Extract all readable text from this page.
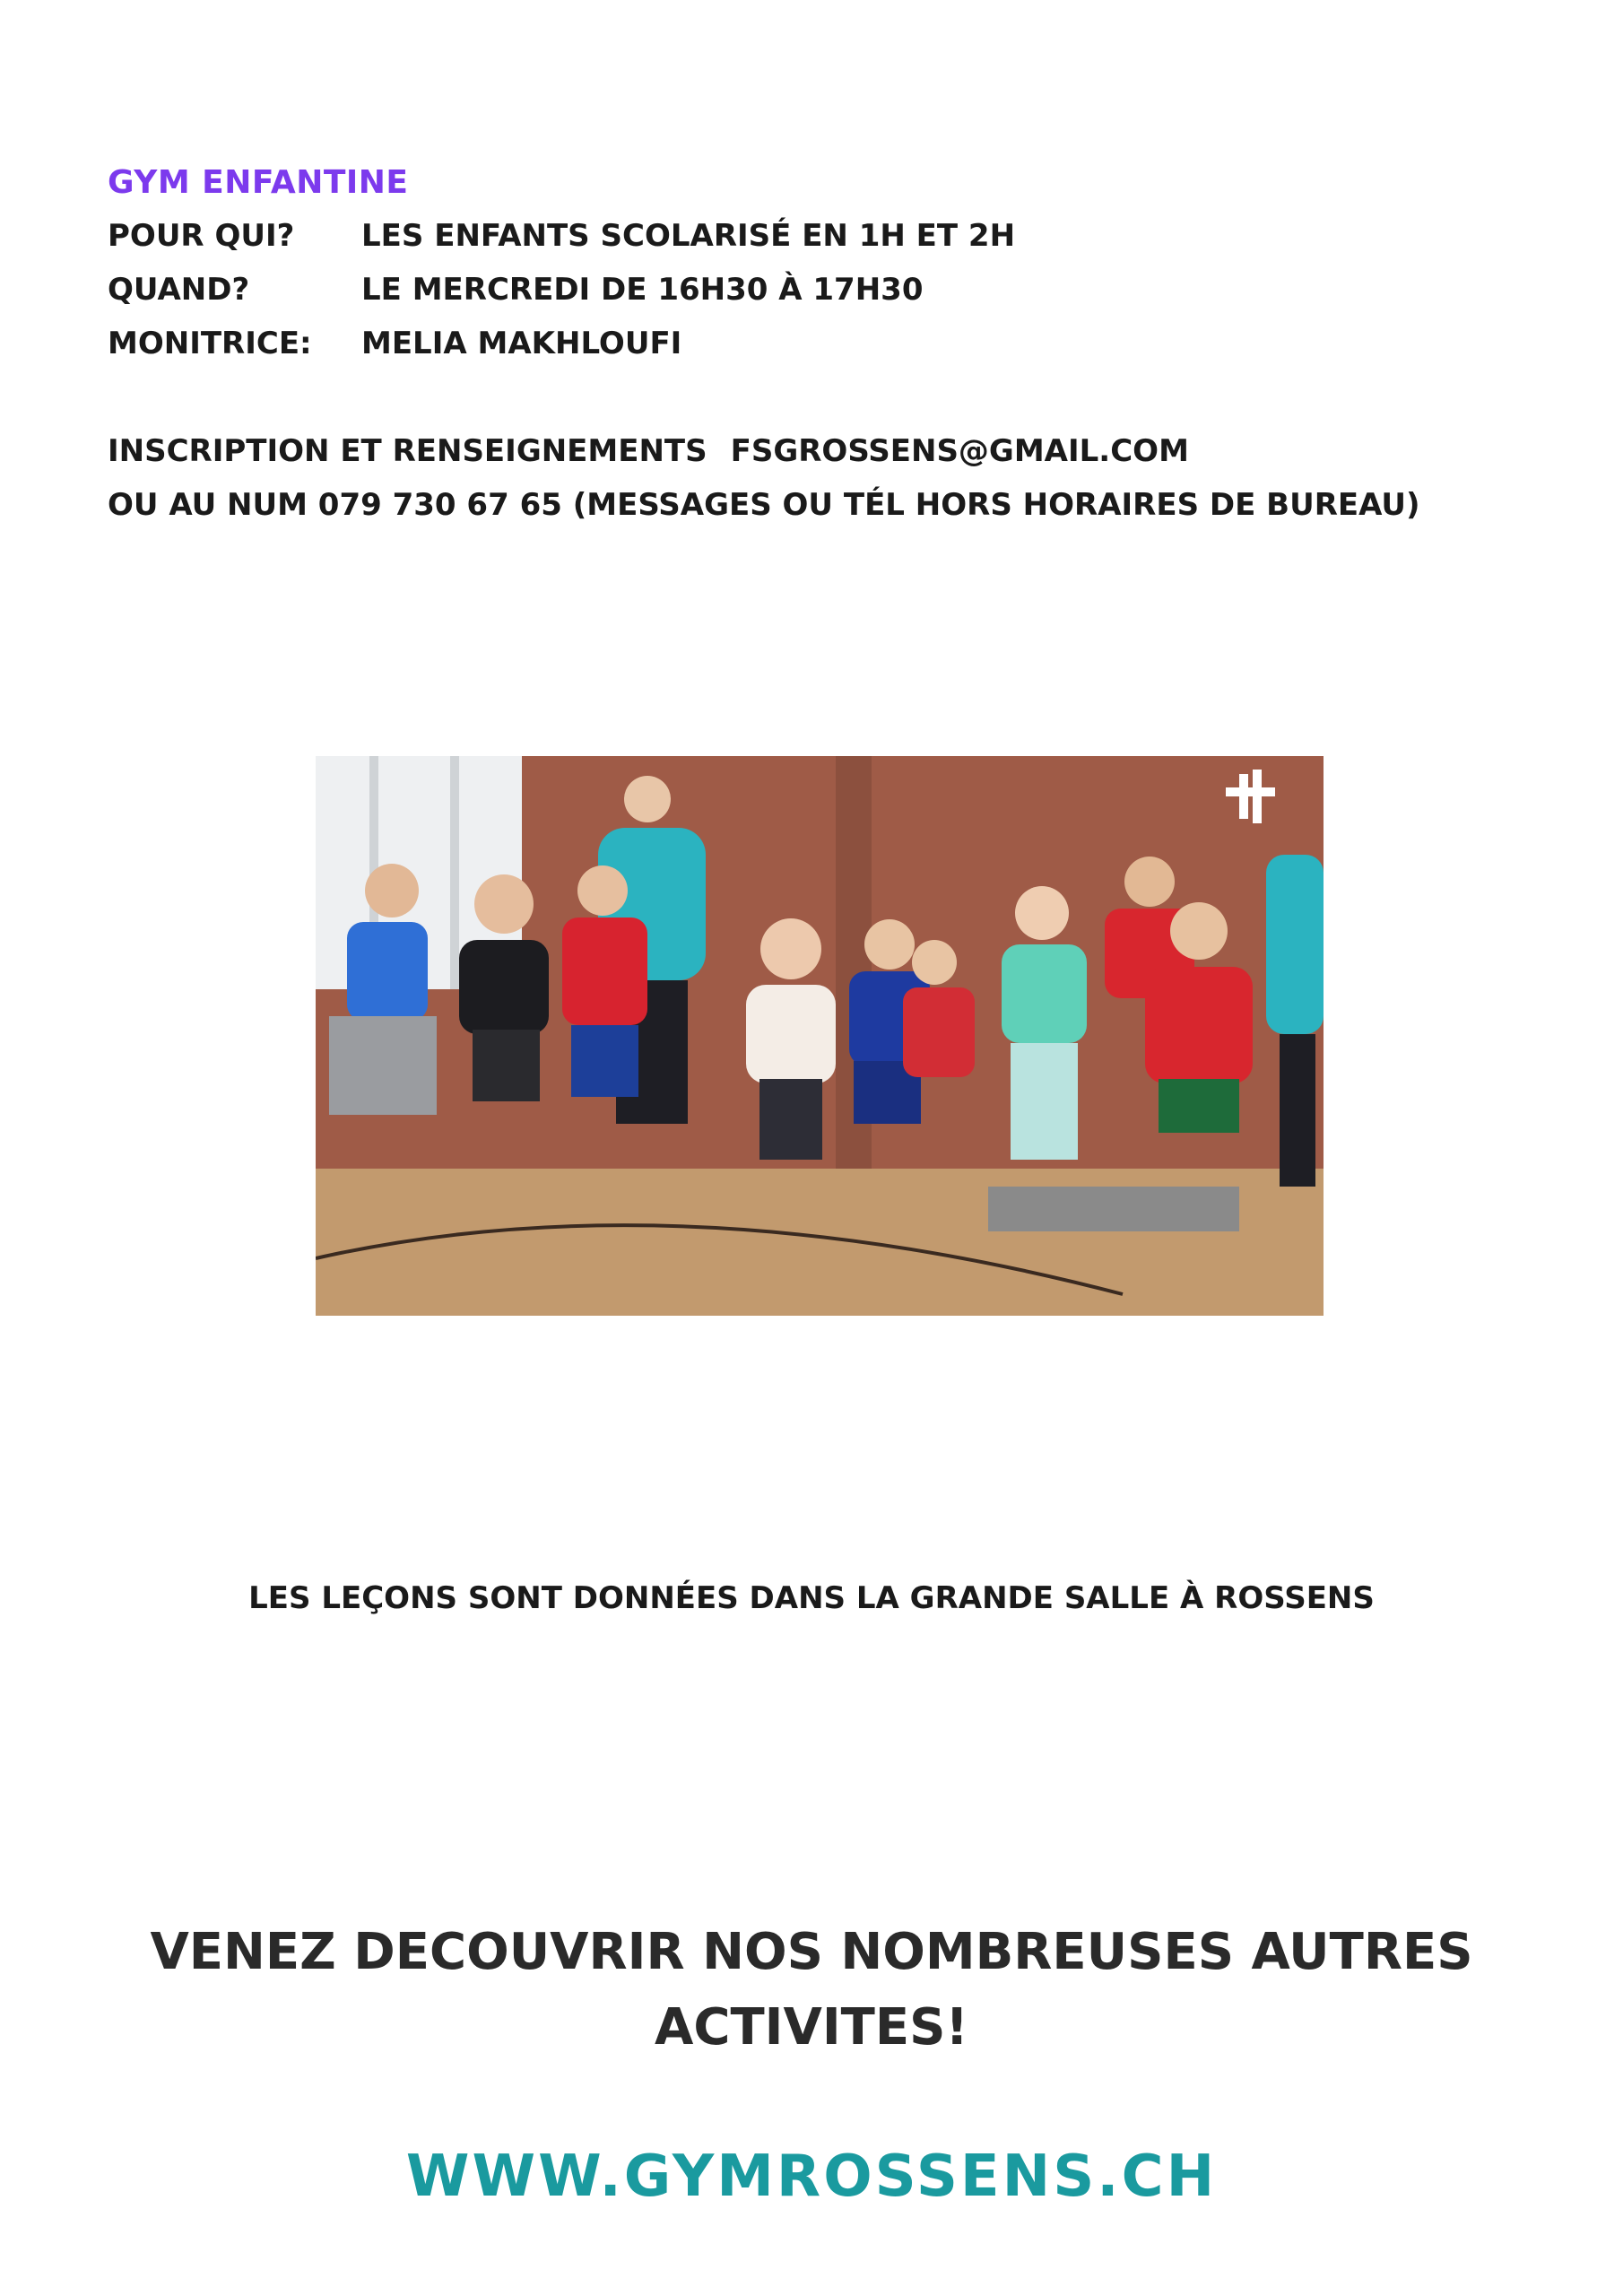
GYM ENFANTINE
POUR QUI? LES ENFANTS SCOLARISÉ EN 1H ET 2H
QUAND?	LE MERCREDI DE 16H30 À 17H30
MONITRICE: MELIA MAKHLOUFI
INSCRIPTION ET RENSEIGNEMENTS FSGROSSENS@GMAIL.COM
OU AU NUM 079 730 67 65 (MESSAGES OU TÉL HORS HORAIRES DE BUREAU)
LES LEÇONS SONT DONNÉES DANS LA GRANDE SALLE À ROSSENS
VENEZ DECOUVRIR NOS NOMBREUSES AUTRES ACTIVITES!
WWW.GYMROSSENS.CH
